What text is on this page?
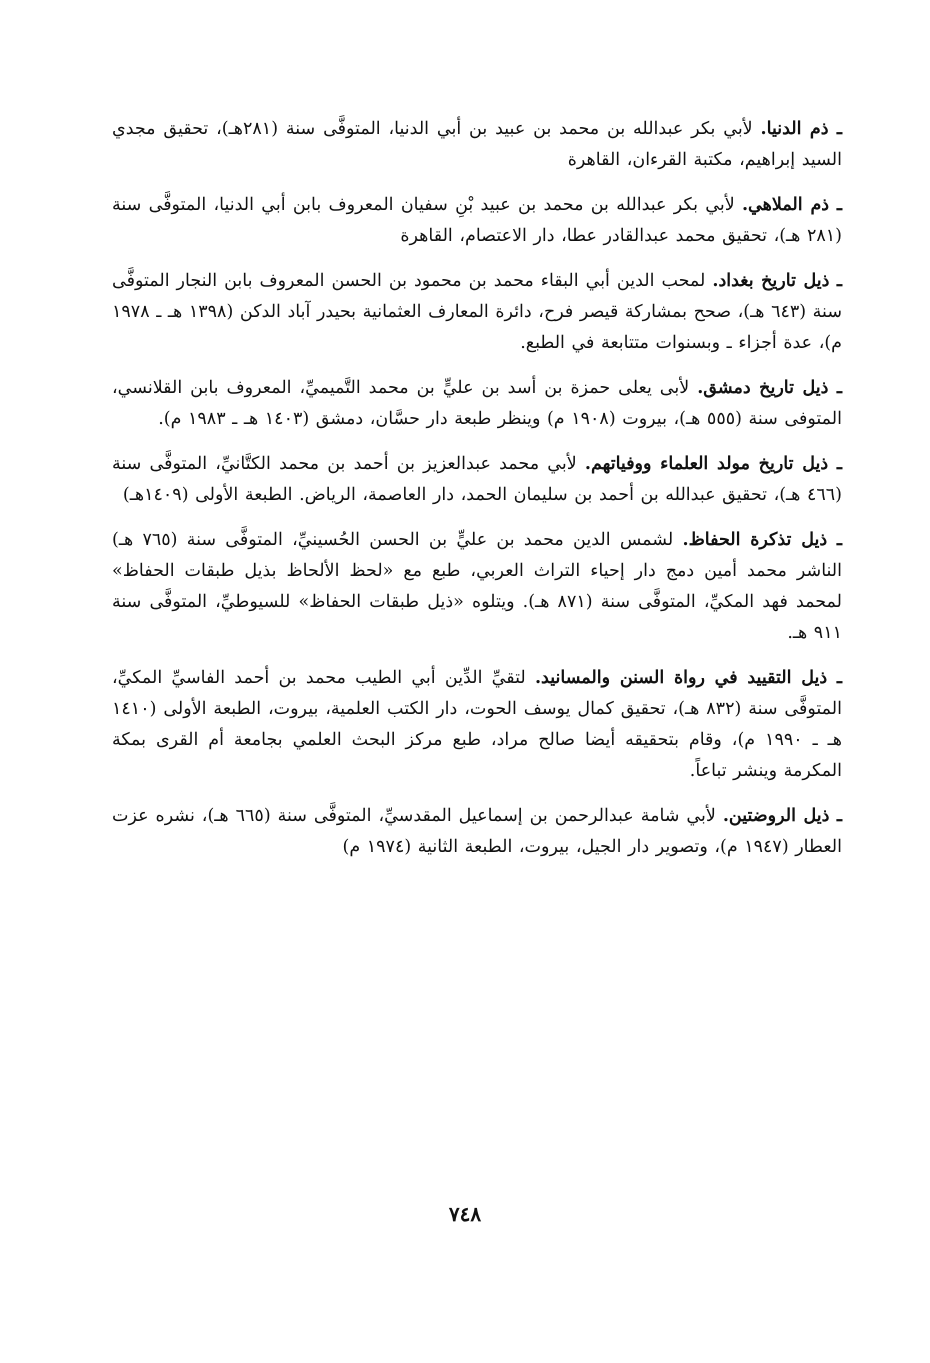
ـ ذم الدنيا. لأبي بكر عبدالله بن محمد بن عبيد بن أبي الدنيا، المتوفَّى سنة (٢٨١هـ)، تحقيق مجدي السيد إبراهيم، مكتبة القرءان، القاهرة

ـ ذم الملاهي. لأبي بكر عبدالله بن محمد بن عبيد بْنِ سفيان المعروف بابن أبي الدنيا، المتوفَّى سنة (٢٨١ هـ)، تحقيق محمد عبدالقادر عطا، دار الاعتصام، القاهرة

ـ ذيل تاريخ بغداد. لمحب الدين أبي البقاء محمد بن محمود بن الحسن المعروف بابن النجار المتوفَّى سنة (٦٤٣ هـ)، صحح بمشاركة قيصر فرح، دائرة المعارف العثمانية بحيدر آباد الدكن (١٣٩٨ هـ ـ ١٩٧٨ م)، عدة أجزاء ـ وبسنوات متتابعة في الطبع.

ـ ذيل تاريخ دمشق. لأبى يعلى حمزة بن أسد بن عليٍّ بن محمد التَّميميِّ، المعروف بابن القلانسي، المتوفى سنة (٥٥٥ هـ)، بيروت (١٩٠٨ م) وينظر طبعة دار حسَّان، دمشق (١٤٠٣ هـ ـ ١٩٨٣ م).

ـ ذيل تاريخ مولد العلماء ووفياتهم. لأبي محمد عبدالعزيز بن أحمد بن محمد الكتَّانيِّ، المتوفَّى سنة (٤٦٦ هـ)، تحقيق عبدالله بن أحمد بن سليمان الحمد، دار العاصمة، الرياض. الطبعة الأولى (١٤٠٩هـ)

ـ ذيل تذكرة الحفاظ. لشمس الدين محمد بن عليٍّ بن الحسن الحُسينيِّ، المتوفَّى سنة (٧٦٥ هـ) الناشر محمد أمين دمج دار إحياء التراث العربي، طبع مع «لحظ الألحاظ بذيل طبقات الحفاظ» لمحمد فهد المكيِّ، المتوفَّى سنة (٨٧١ هـ). ويتلوه «ذيل طبقات الحفاظ» للسيوطيِّ، المتوفَّى سنة ٩١١ هـ.

ـ ذيل التقييد في رواة السنن والمسانيد. لتقيِّ الدِّين أبي الطيب محمد بن أحمد الفاسيِّ المكيِّ، المتوفَّى سنة (٨٣٢ هـ)، تحقيق كمال يوسف الحوت، دار الكتب العلمية، بيروت، الطبعة الأولى (١٤١٠ هـ ـ ١٩٩٠ م)، وقام بتحقيقه أيضا صالح مراد، طبع مركز البحث العلمي بجامعة أم القرى بمكة المكرمة وينشر تباعاً.

ـ ذيل الروضتين. لأبي شامة عبدالرحمن بن إسماعيل المقدسيِّ، المتوفَّى سنة (٦٦٥ هـ)، نشره عزت العطار (١٩٤٧ م)، وتصوير دار الجيل، بيروت، الطبعة الثانية (١٩٧٤ م)

٧٤٨
